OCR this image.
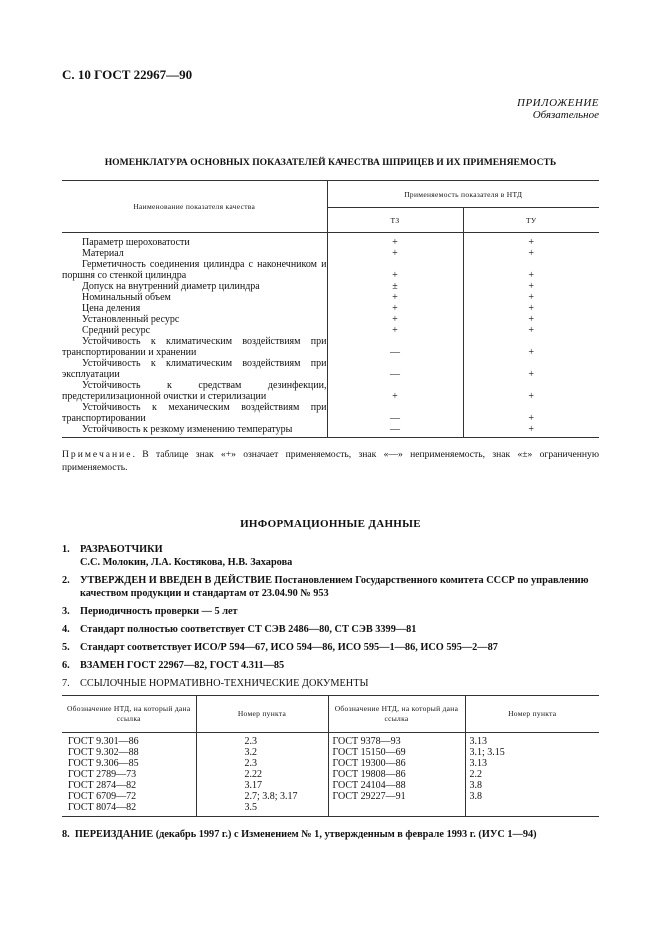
С. 10 ГОСТ 22967—90
ПРИЛОЖЕНИЕ
Обязательное
НОМЕНКЛАТУРА ОСНОВНЫХ ПОКАЗАТЕЛЕЙ КАЧЕСТВА ШПРИЦЕВ И ИХ ПРИМЕНЯЕМОСТЬ
Наименование показателя качества	Применяемость показателя в НТД	
	ТЗ	ТУ
Параметр шероховатости	+	+
Материал	+	+
Герметичность соединения цилиндра с наконечником и поршня со стенкой цилиндра	+	+
Допуск на внутренний диаметр цилиндра	±	+
Номинальный объем	+	+
Цена деления	+	+
Установленный ресурс	+	+
Средний ресурс	+	+
Устойчивость к климатическим воздействиям при транспортировании и хранении	—	+
Устойчивость к климатическим воздействиям при эксплуатации	—	+
Устойчивость к средствам дезинфекции, предстерилизационной очистки и стерилизации	+	+
Устойчивость к механическим воздействиям при транспортировании	—	+
Устойчивость к резкому изменению температуры	—	+
Примечание. В таблице знак «+» означает применяемость, знак «—» неприменяемость, знак «±» ограниченную применяемость.
ИНФОРМАЦИОННЫЕ ДАННЫЕ
1. РАЗРАБОТЧИКИ
С.С. Молокин, Л.А. Костякова, Н.В. Захарова
2. УТВЕРЖДЕН И ВВЕДЕН В ДЕЙСТВИЕ Постановлением Государственного комитета СССР по управлению качеством продукции и стандартам от 23.04.90 № 953
3. Периодичность проверки — 5 лет
4. Стандарт полностью соответствует СТ СЭВ 2486—80, СТ СЭВ 3399—81
5. Стандарт соответствует ИСО/Р 594—67, ИСО 594—86, ИСО 595—1—86, ИСО 595—2—87
6. ВЗАМЕН ГОСТ 22967—82, ГОСТ 4.311—85
7. ССЫЛОЧНЫЕ НОРМАТИВНО-ТЕХНИЧЕСКИЕ ДОКУМЕНТЫ
Обозначение НТД, на который дана ссылка	Номер пункта	Обозначение НТД, на который дана ссылка	Номер пункта
ГОСТ 9.301—86	2.3	ГОСТ 9378—93	3.13
ГОСТ 9.302—88	3.2	ГОСТ 15150—69	3.1; 3.15
ГОСТ 9.306—85	2.3	ГОСТ 19300—86	3.13
ГОСТ 2789—73	2.22	ГОСТ 19808—86	2.2
ГОСТ 2874—82	3.17	ГОСТ 24104—88	3.8
ГОСТ 6709—72	2.7; 3.8; 3.17	ГОСТ 29227—91	3.8
ГОСТ 8074—82	3.5		
8. ПЕРЕИЗДАНИЕ (декабрь 1997 г.) с Изменением № 1, утвержденным в феврале 1993 г. (ИУС 1—94)
